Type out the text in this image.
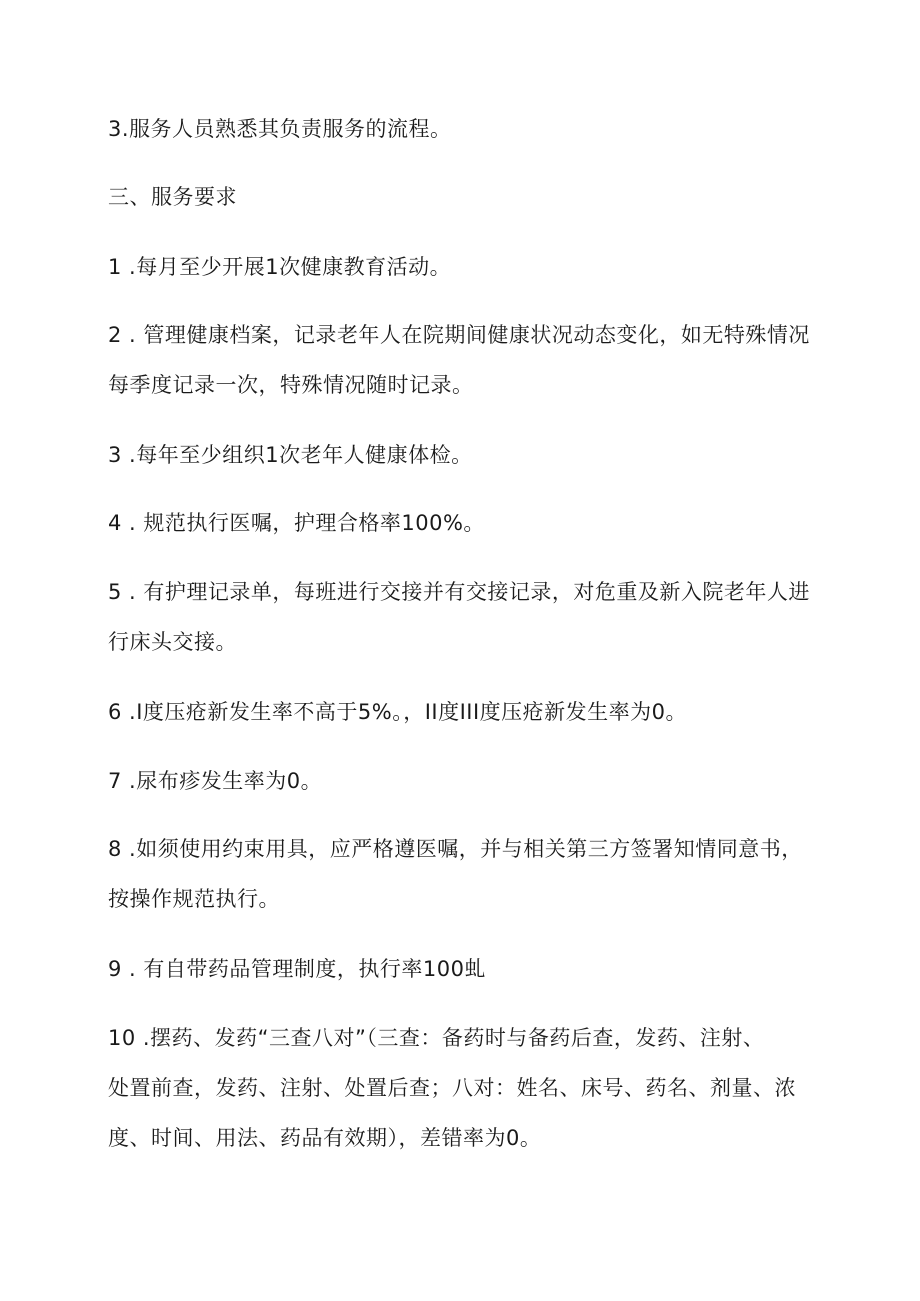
3.服务人员熟悉其负责服务的流程。
三、服务要求
1 .每月至少开展1次健康教育活动。
2 . 管理健康档案，记录老年人在院期间健康状况动态变化，如无特殊情况
每季度记录一次，特殊情况随时记录。
3 .每年至少组织1次老年人健康体检。
4 . 规范执行医嘱，护理合格率100%。
5 . 有护理记录单，每班进行交接并有交接记录，对危重及新入院老年人进
行床头交接。
6 .I度压疮新发生率不高于5%。，II度III度压疮新发生率为0。
7 .尿布疹发生率为0。
8 .如须使用约束用具，应严格遵医嘱，并与相关第三方签署知情同意书，
按操作规范执行。
9 . 有自带药品管理制度，执行率100虬
10 .摆药、发药“三查八对”（三查：备药时与备药后查，发药、注射、
处置前查，发药、注射、处置后查；八对：姓名、床号、药名、剂量、浓
度、时间、用法、药品有效期），差错率为0。
